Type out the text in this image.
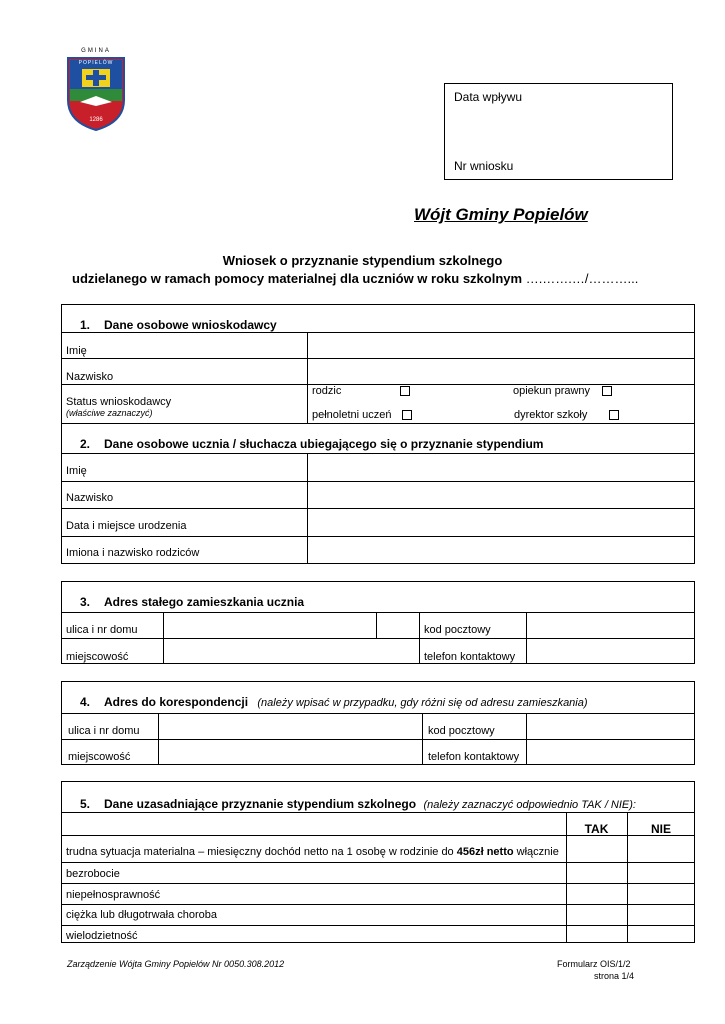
GMINA
POPIELÓW
1286
Data wpływu
Nr wniosku
Wójt Gminy Popielów
Wniosek o przyznanie stypendium szkolnego
udzielanego w ramach pomocy materialnej dla uczniów w roku szkolnym ….…….…/………...
1. Dane osobowe wnioskodawcy
Imię
Nazwisko
Status wnioskodawcy
(właściwe zaznaczyć)
rodzic	opiekun prawny
pełnoletni uczeń	dyrektor szkoły
2. Dane osobowe ucznia / słuchacza ubiegającego się o przyznanie stypendium
Imię
Nazwisko
Data i miejsce urodzenia
Imiona i nazwisko rodziców
3. Adres stałego zamieszkania ucznia
ulica i nr domu	kod pocztowy
miejscowość	telefon kontaktowy
4. Adres do korespondencji (należy wpisać w przypadku, gdy różni się od adresu zamieszkania)
ulica i nr domu	kod pocztowy
miejscowość	telefon kontaktowy
5. Dane uzasadniające przyznanie stypendium szkolnego (należy zaznaczyć odpowiednio TAK / NIE):
TAK	NIE
trudna sytuacja materialna – miesięczny dochód netto na 1 osobę w rodzinie do 456zł netto włącznie
bezrobocie
niepełnosprawność
ciężka lub długotrwała choroba
wielodzietność
Zarządzenie Wójta Gminy Popielów Nr 0050.308.2012	Formularz OIS/1/2
strona 1/4
